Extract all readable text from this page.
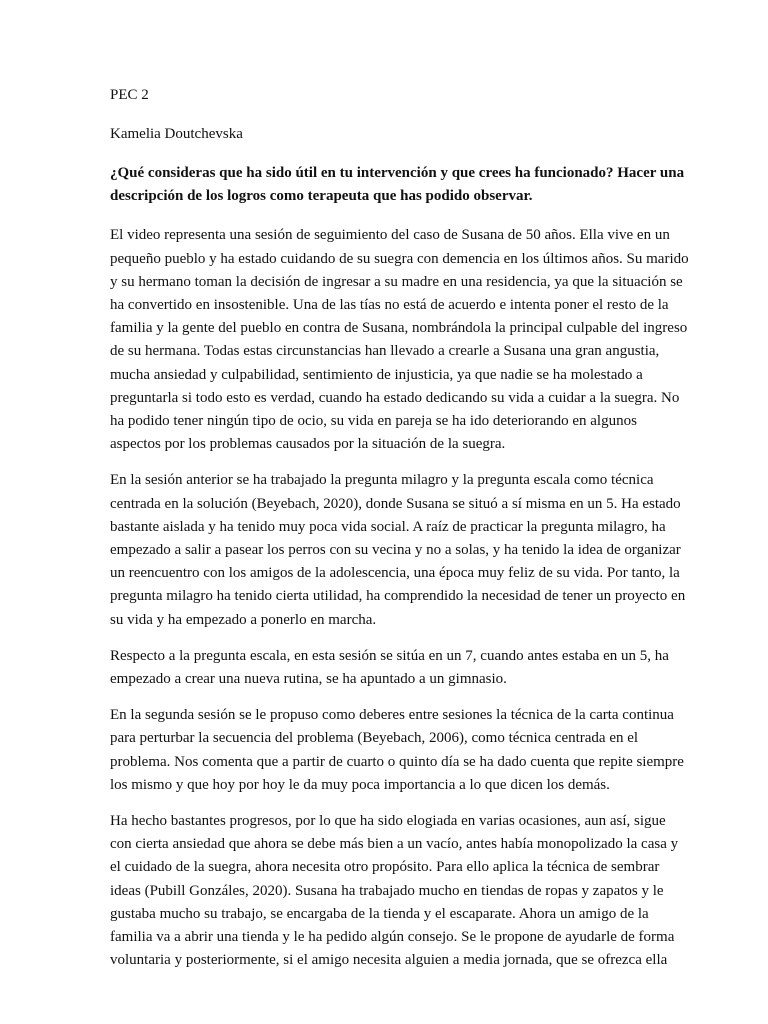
PEC 2
Kamelia Doutchevska
¿Qué consideras que ha sido útil en tu intervención y que crees ha funcionado? Hacer una
descripción de los logros como terapeuta que has podido observar.
El video representa una sesión de seguimiento del caso de Susana de 50 años. Ella vive en un
pequeño pueblo y ha estado cuidando de su suegra con demencia en los últimos años. Su marido
y su hermano toman la decisión de ingresar a su madre en una residencia, ya que la situación se
ha convertido en insostenible. Una de las tías no está de acuerdo e intenta poner el resto de la
familia y la gente del pueblo en contra de Susana, nombrándola la principal culpable del ingreso
de su hermana. Todas estas circunstancias han llevado a crearle a Susana una gran angustia,
mucha ansiedad y culpabilidad, sentimiento de injusticia, ya que nadie se ha molestado a
preguntarla si todo esto es verdad, cuando ha estado dedicando su vida a cuidar a la suegra. No
ha podido tener ningún tipo de ocio, su vida en pareja se ha ido deteriorando en algunos
aspectos por los problemas causados por la situación de la suegra.
En la sesión anterior se ha trabajado la pregunta milagro y la pregunta escala como técnica
centrada en la solución (Beyebach, 2020), donde Susana se situó a sí misma en un 5. Ha estado
bastante aislada y ha tenido muy poca vida social. A raíz de practicar la pregunta milagro, ha
empezado a salir a pasear los perros con su vecina y no a solas, y ha tenido la idea de organizar
un reencuentro con los amigos de la adolescencia, una época muy feliz de su vida. Por tanto, la
pregunta milagro ha tenido cierta utilidad, ha comprendido la necesidad de tener un proyecto en
su vida y ha empezado a ponerlo en marcha.
Respecto a la pregunta escala, en esta sesión se sitúa en un 7, cuando antes estaba en un 5, ha
empezado a crear una nueva rutina, se ha apuntado a un gimnasio.
En la segunda sesión se le propuso como deberes entre sesiones la técnica de la carta continua
para perturbar la secuencia del problema (Beyebach, 2006), como técnica centrada en el
problema. Nos comenta que a partir de cuarto o quinto día se ha dado cuenta que repite siempre
los mismo y que hoy por hoy le da muy poca importancia a lo que dicen los demás.
Ha hecho bastantes progresos, por lo que ha sido elogiada en varias ocasiones, aun así, sigue
con cierta ansiedad que ahora se debe más bien a un vacío, antes había monopolizado la casa y
el cuidado de la suegra, ahora necesita otro propósito. Para ello aplica la técnica de sembrar
ideas (Pubill Gonzáles, 2020). Susana ha trabajado mucho en tiendas de ropas y zapatos y le
gustaba mucho su trabajo, se encargaba de la tienda y el escaparate. Ahora un amigo de la
familia va a abrir una tienda y le ha pedido algún consejo. Se le propone de ayudarle de forma
voluntaria y posteriormente, si el amigo necesita alguien a media jornada, que se ofrezca ella
